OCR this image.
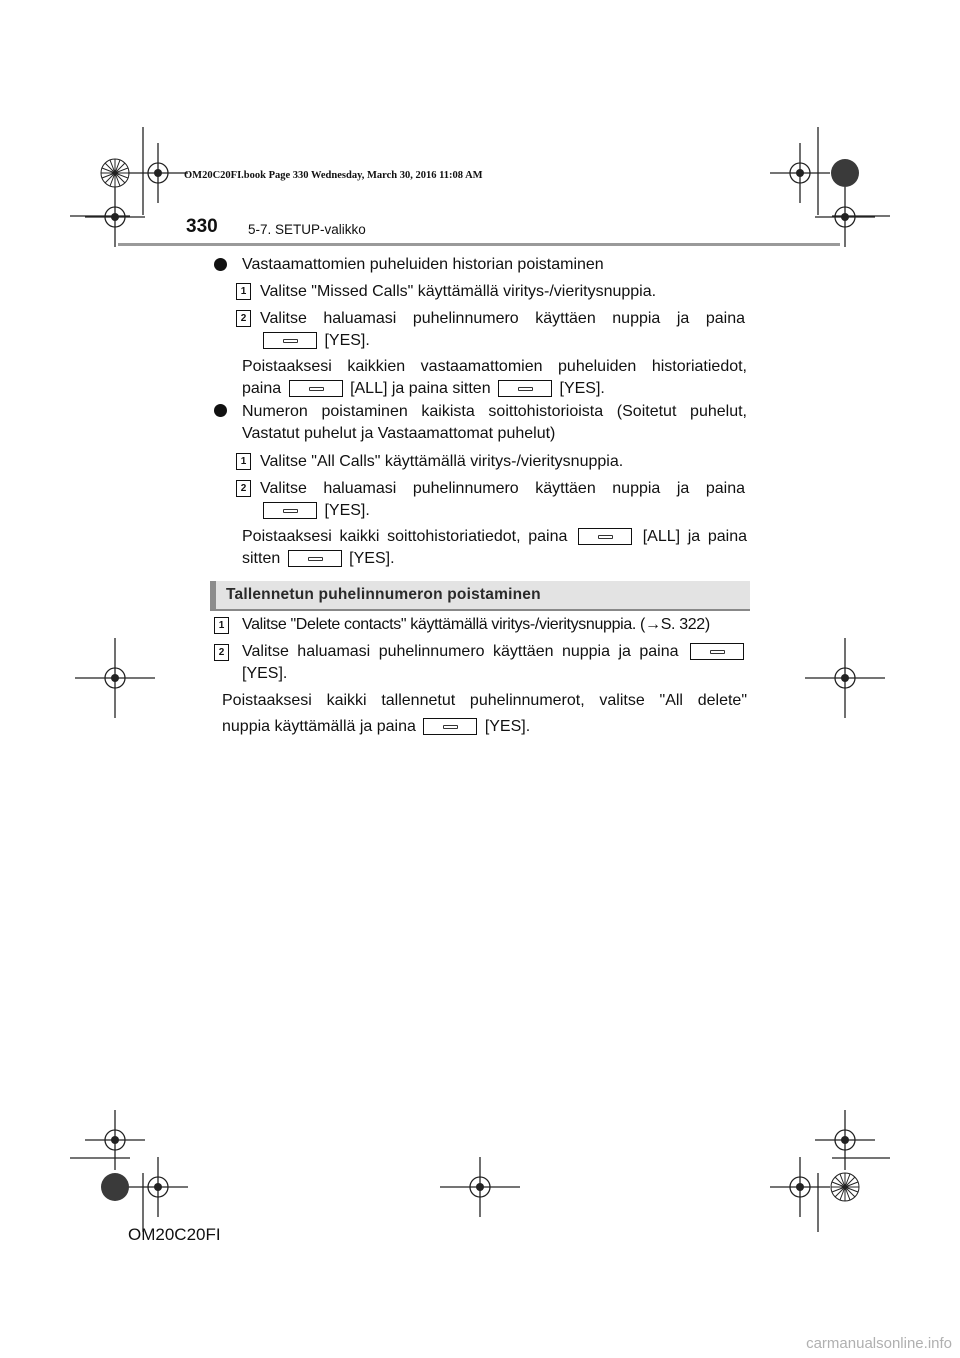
OM20C20FI.book Page 330 Wednesday, March 30, 2016 11:08 AM
330 5-7. SETUP-valikko
Vastaamattomien puheluiden historian poistaminen
1 Valitse "Missed Calls" käyttämällä viritys-/vieritysnuppia.
2 Valitse haluamasi puhelinnumero käyttäen nuppia ja paina
[YES].
Poistaaksesi kaikkien vastaamattomien puheluiden historiatiedot,
paina	[ALL] ja paina sitten	[YES].
Numeron poistaminen kaikista soittohistorioista (Soitetut puhelut,
Vastatut puhelut ja Vastaamattomat puhelut)
1 Valitse "All Calls" käyttämällä viritys-/vieritysnuppia.
2 Valitse haluamasi puhelinnumero käyttäen nuppia ja paina
[YES].
Poistaaksesi kaikki soittohistoriatiedot, paina	[ALL] ja paina
sitten	[YES].
Tallennetun puhelinnumeron poistaminen
1 Valitse "Delete contacts" käyttämällä viritys-/vieritysnuppia. (→S. 322)
2 Valitse haluamasi puhelinnumero käyttäen nuppia ja paina
[YES].
Poistaaksesi kaikki tallennetut puhelinnumerot, valitse "All delete"
nuppia käyttämällä ja paina	[YES].
OM20C20FI
carmanualsonline.info
